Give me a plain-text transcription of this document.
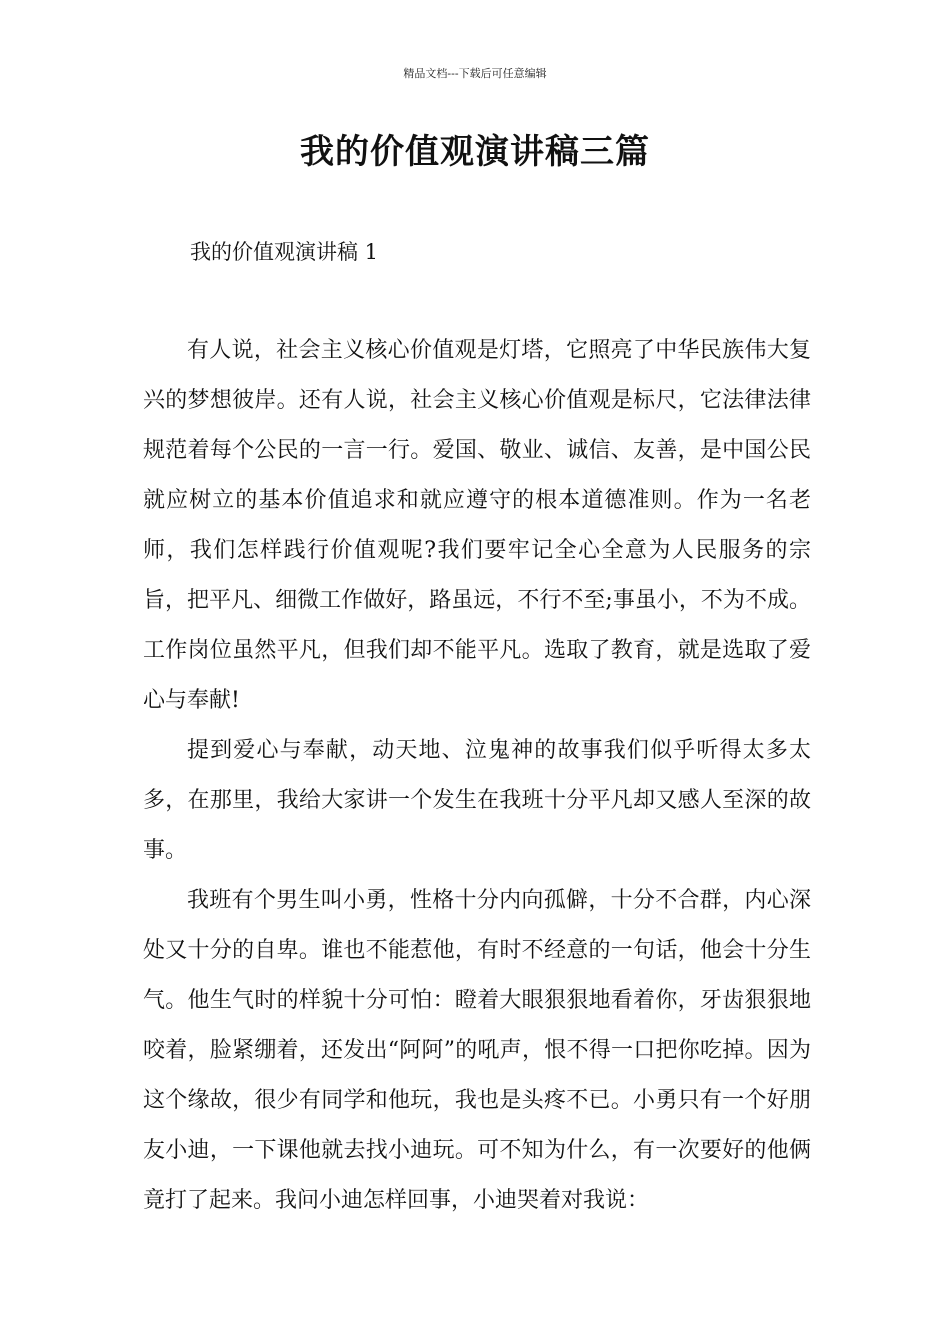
精品文档---下载后可任意编辑
我的价值观演讲稿三篇
我的价值观演讲稿 1

有人说，社会主义核心价值观是灯塔，它照亮了中华民族伟大复兴的梦想彼岸。还有人说，社会主义核心价值观是标尺，它法律法律规范着每个公民的一言一行。爱国、敬业、诚信、友善，是中国公民就应树立的基本价值追求和就应遵守的根本道德准则。作为一名老师，我们怎样践行价值观呢?我们要牢记全心全意为人民服务的宗旨，把平凡、细微工作做好，路虽远，不行不至;事虽小，不为不成。工作岗位虽然平凡，但我们却不能平凡。选取了教育，就是选取了爱心与奉献!

提到爱心与奉献，动天地、泣鬼神的故事我们似乎听得太多太多，在那里，我给大家讲一个发生在我班十分平凡却又感人至深的故事。

我班有个男生叫小勇，性格十分内向孤僻，十分不合群，内心深处又十分的自卑。谁也不能惹他，有时不经意的一句话，他会十分生气。他生气时的样貌十分可怕：瞪着大眼狠狠地看着你，牙齿狠狠地咬着，脸紧绷着，还发出“阿阿”的吼声，恨不得一口把你吃掉。因为这个缘故，很少有同学和他玩，我也是头疼不已。小勇只有一个好朋友小迪，一下课他就去找小迪玩。可不知为什么，有一次要好的他俩竟打了起来。我问小迪怎样回事，小迪哭着对我说：
